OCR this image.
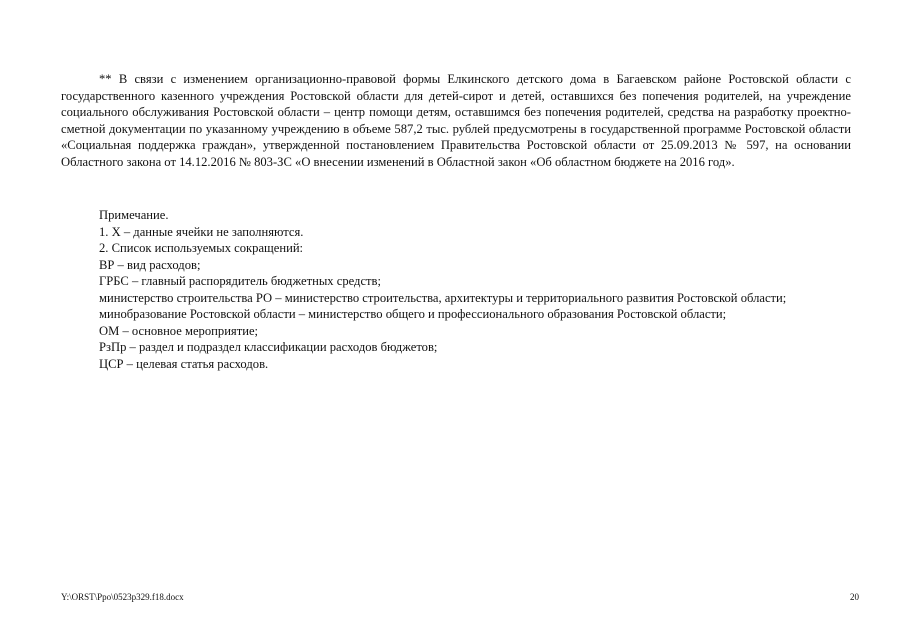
** В связи с изменением организационно-правовой формы Елкинского детского дома в Багаевском районе Ростовской области с государственного казенного учреждения Ростовской области для детей-сирот и детей, оставшихся без попечения родителей, на учреждение социального обслуживания Ростовской области – центр помощи детям, оставшимся без попечения родителей, средства на разработку проектно-сметной документации по указанному учреждению в объеме 587,2 тыс. рублей предусмотрены в государственной программе Ростовской области «Социальная поддержка граждан», утвержденной постановлением Правительства Ростовской области от 25.09.2013 № 597, на основании Областного закона от 14.12.2016 № 803-ЗС «О внесении изменений в Областной закон «Об областном бюджете на 2016 год».

Примечание.

1. Х – данные ячейки не заполняются.

2. Список используемых сокращений:

ВР – вид расходов;

ГРБС – главный распорядитель бюджетных средств;

министерство строительства РО – министерство строительства, архитектуры и территориального развития Ростовской области;

минобразование Ростовской области – министерство общего и профессионального образования Ростовской области;

ОМ – основное мероприятие;

РзПр – раздел и подраздел классификации расходов бюджетов;

ЦСР – целевая статья расходов.

Y:\ORST\Ppo\0523p329.f18.docx	20
